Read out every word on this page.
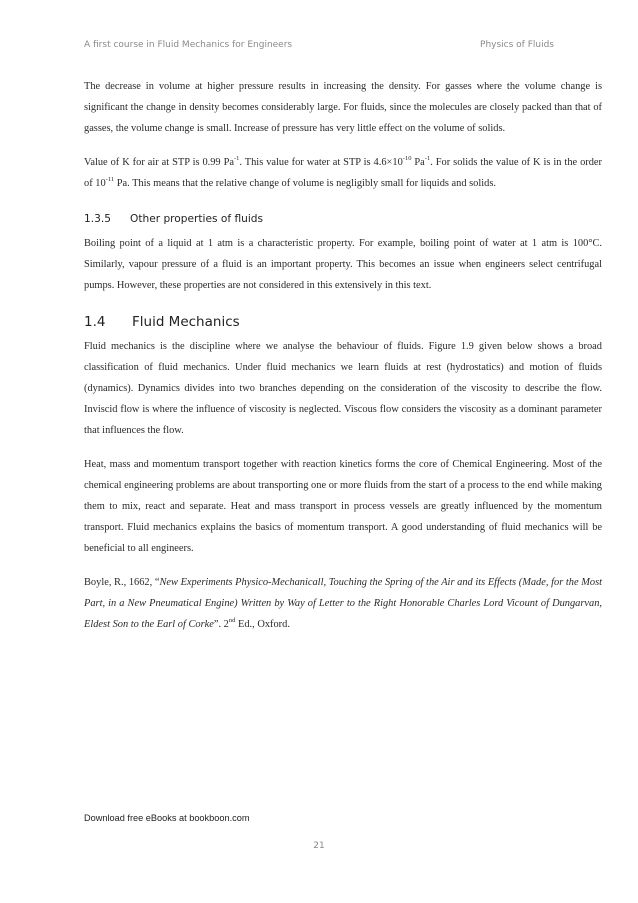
A first course in Fluid Mechanics for Engineers	Physics of Fluids

The decrease in volume at higher pressure results in increasing the density. For gasses where the volume change is significant the change in density becomes considerably large. For fluids, since the molecules are closely packed than that of gasses, the volume change is small. Increase of pressure has very little effect on the volume of solids.

Value of K for air at STP is 0.99 $Pa^{-1}$. This value for water at STP is $4.6\times 10^{-10}$ $Pa^{-1}$. For solids the value of K is in the order of $10^{-11}$ Pa. This means that the relative change of volume is negligibly small for liquids and solids.

1.3.5 Other properties of fluids

Boiling point of a liquid at 1 atm is a characteristic property. For example, boiling point of water at 1 atm is 100°C. Similarly, vapour pressure of a fluid is an important property. This becomes an issue when engineers select centrifugal pumps. However, these properties are not considered in this extensively in this text.

1.4 Fluid Mechanics

Fluid mechanics is the discipline where we analyse the behaviour of fluids. Figure 1.9 given below shows a broad classification of fluid mechanics. Under fluid mechanics we learn fluids at rest (hydrostatics) and motion of fluids (dynamics). Dynamics divides into two branches depending on the consideration of the viscosity to describe the flow. Inviscid flow is where the influence of viscosity is neglected. Viscous flow considers the viscosity as a dominant parameter that influences the flow.

Heat, mass and momentum transport together with reaction kinetics forms the core of Chemical Engineering. Most of the chemical engineering problems are about transporting one or more fluids from the start of a process to the end while making them to mix, react and separate. Heat and mass transport in process vessels are greatly influenced by the momentum transport. Fluid mechanics explains the basics of momentum transport. A good understanding of fluid mechanics will be beneficial to all engineers.

Boyle, R., 1662, “New Experiments Physico-Mechanicall, Touching the Spring of the Air and its Effects (Made, for the Most Part, in a New Pneumatical Engine) Written by Way of Letter to the Right Honorable Charles Lord Vicount of Dungarvan, Eldest Son to the Earl of Corke”. 2nd Ed., Oxford.

Download free eBooks at bookboon.com
21
